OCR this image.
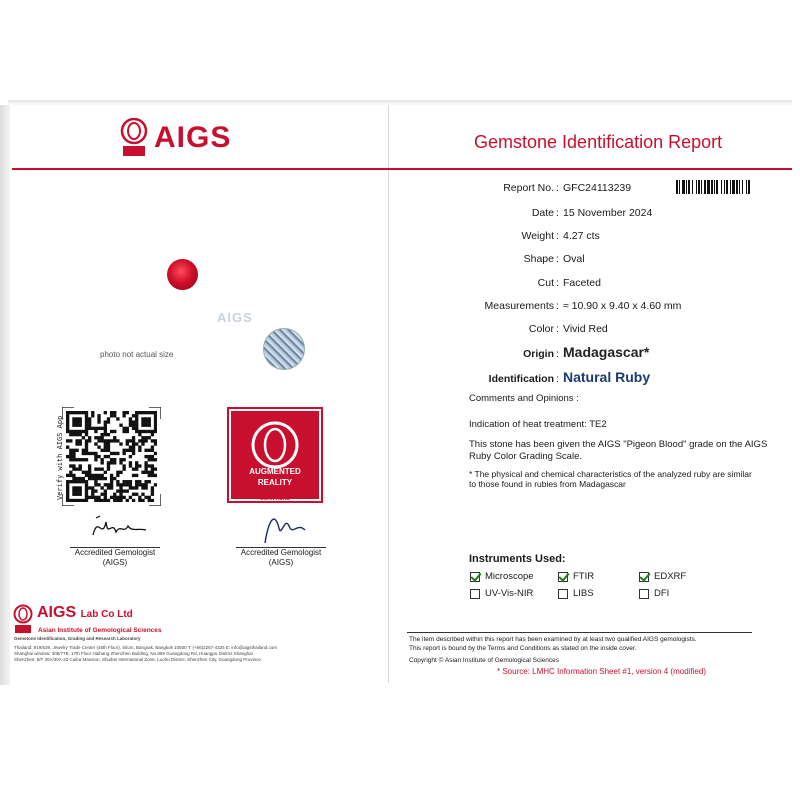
AIGS	Gemstone Identification Report
Report No. : GFC24113239
Date : 15 November 2024
Weight : 4.27 cts
Shape : Oval
Cut : Faceted
Measurements : ≈ 10.90 x 9.40 x 4.60 mm
Color : Vivid Red
Origin : Madagascar*
Identification : Natural Ruby
Comments and Opinions :
Indication of heat treatment: TE2
This stone has been given the AIGS "Pigeon Blood" grade on the AIGS Ruby Color Grading Scale.
* The physical and chemical characteristics of the analyzed ruby are similar to those found in rubies from Madagascar
Instruments Used:
Microscope	FTIR	EDXRF
UV-Vis-NIR	LIBS	DFI
The item described within this report has been examined by at least two qualified AIGS gemologists.
This report is bound by the Terms and Conditions as stated on the inside cover.
Copyright © Asian Institute of Gemological Sciences
* Source: LMHC Information Sheet #1, version 4 (modified)
AIGS
photo not actual size
Verify with AIGS App	AUGMENTED
REALITY
SCAN HERE
Accredited Gemologist
(AIGS)
Accredited Gemologist
(AIGS)
AIGS Lab Co Ltd
Asian Institute of Gemological Sciences
Gemstone Identification, Grading and Research Laboratory
Thailand: 919/539, Jewelry Trade Center (48th Floor), Silom, Bangrak, Bangkok 10500 T: (+66)2267-4325 E: info@aigsthailand.com
Shanghai window: 306/77B, 17th Floor Haihang Zhenzhen Building, No.869 Guangdong Rd, Huangpu District Shanghai
Shenzhen: 5/F 30A/30A-23 Cuiba Mansion, Shuibei International Zone, Luohu District, Shenzhen City, Guangdong Province
